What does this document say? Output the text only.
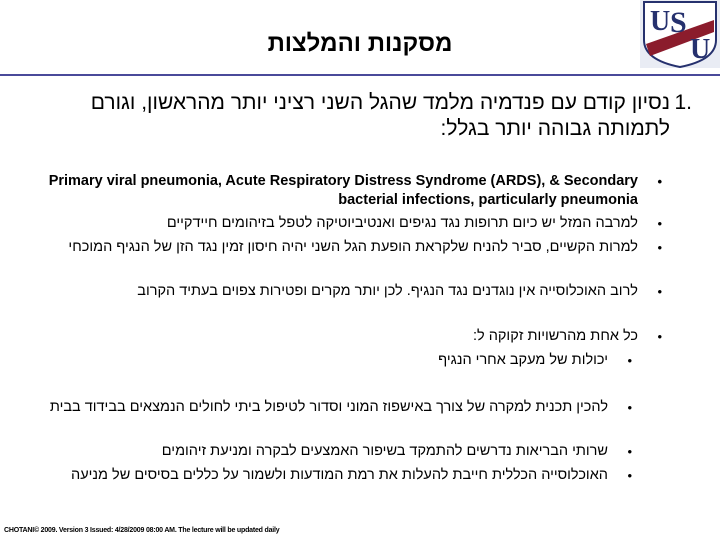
U S
U
מסקנות והמלצות
1.
נסיון קודם עם פנדמיה מלמד שהגל השני רציני יותר מהראשון, וגורם לתמותה גבוהה יותר בגלל:
•
Primary viral pneumonia, Acute Respiratory Distress Syndrome (ARDS), & Secondary bacterial infections, particularly pneumonia
•
למרבה המזל יש כיום תרופות נגד נגיפים ואנטיביוטיקה לטפל בזיהומים חיידקיים
•
למרות הקשיים, סביר להניח שלקראת הופעת הגל השני יהיה חיסון זמין נגד הזן של הנגיף המוכחי
•
לרוב האוכלוסייה אין נוגדנים נגד הנגיף. לכן יותר מקרים ופטירות צפוים בעתיד הקרוב
•
כל אחת מהרשויות זקוקה ל:
•
יכולות של מעקב אחרי הנגיף
•
להכין תכנית למקרה של צורך באישפוז המוני וסדור לטיפול ביתי לחולים הנמצאים בבידוד בבית
•
שרותי הבריאות נדרשים להתמקד בשיפור האמצעים לבקרה ומניעת זיהומים
•
האוכלוסייה הכללית חייבת להעלות את רמת המודעות ולשמור על כללים בסיסים של מניעה
CHOTANI© 2009. Version 3 Issued: 4/28/2009 08:00 AM. The lecture will be updated daily
